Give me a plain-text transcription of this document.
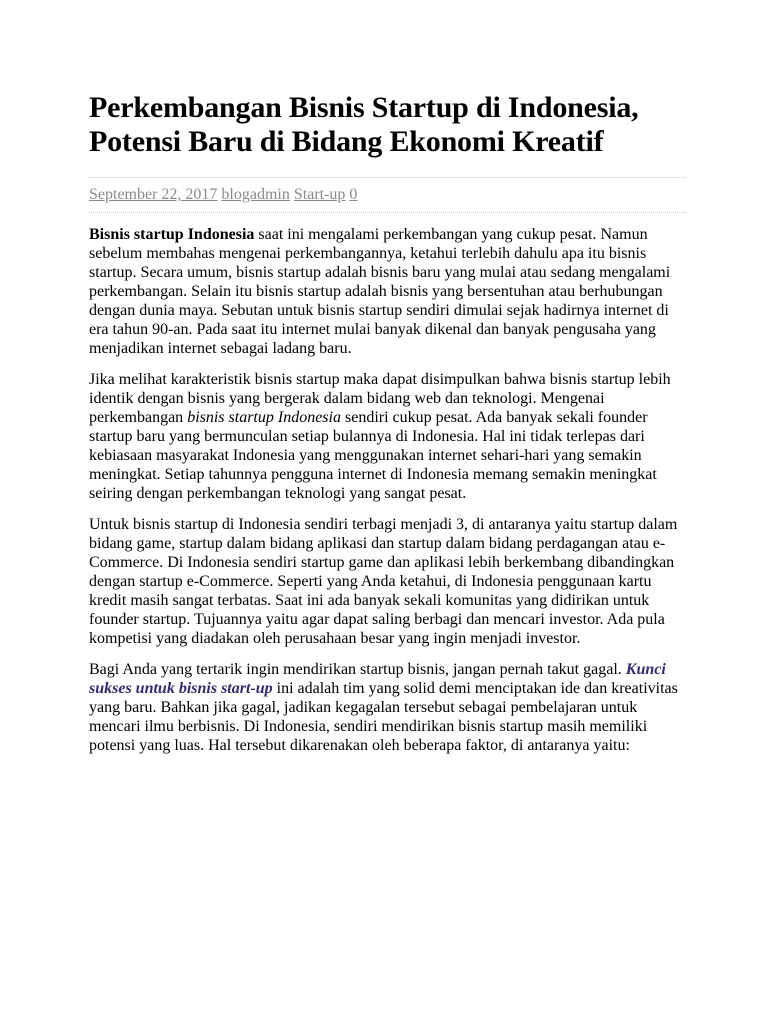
Perkembangan Bisnis Startup di Indonesia,
Potensi Baru di Bidang Ekonomi Kreatif
September 22, 2017 blogadmin Start-up 0

Bisnis startup Indonesia saat ini mengalami perkembangan yang cukup pesat. Namun sebelum membahas mengenai perkembangannya, ketahui terlebih dahulu apa itu bisnis startup. Secara umum, bisnis startup adalah bisnis baru yang mulai atau sedang mengalami perkembangan. Selain itu bisnis startup adalah bisnis yang bersentuhan atau berhubungan dengan dunia maya. Sebutan untuk bisnis startup sendiri dimulai sejak hadirnya internet di era tahun 90-an. Pada saat itu internet mulai banyak dikenal dan banyak pengusaha yang menjadikan internet sebagai ladang baru.

Jika melihat karakteristik bisnis startup maka dapat disimpulkan bahwa bisnis startup lebih identik dengan bisnis yang bergerak dalam bidang web dan teknologi. Mengenai perkembangan bisnis startup Indonesia sendiri cukup pesat. Ada banyak sekali founder startup baru yang bermunculan setiap bulannya di Indonesia. Hal ini tidak terlepas dari kebiasaan masyarakat Indonesia yang menggunakan internet sehari-hari yang semakin meningkat. Setiap tahunnya pengguna internet di Indonesia memang semakin meningkat seiring dengan perkembangan teknologi yang sangat pesat.

Untuk bisnis startup di Indonesia sendiri terbagi menjadi 3, di antaranya yaitu startup dalam bidang game, startup dalam bidang aplikasi dan startup dalam bidang perdagangan atau e-Commerce. Di Indonesia sendiri startup game dan aplikasi lebih berkembang dibandingkan dengan startup e-Commerce. Seperti yang Anda ketahui, di Indonesia penggunaan kartu kredit masih sangat terbatas. Saat ini ada banyak sekali komunitas yang didirikan untuk founder startup. Tujuannya yaitu agar dapat saling berbagi dan mencari investor. Ada pula kompetisi yang diadakan oleh perusahaan besar yang ingin menjadi investor.

Bagi Anda yang tertarik ingin mendirikan startup bisnis, jangan pernah takut gagal. Kunci sukses untuk bisnis start-up ini adalah tim yang solid demi menciptakan ide dan kreativitas yang baru. Bahkan jika gagal, jadikan kegagalan tersebut sebagai pembelajaran untuk mencari ilmu berbisnis. Di Indonesia, sendiri mendirikan bisnis startup masih memiliki potensi yang luas. Hal tersebut dikarenakan oleh beberapa faktor, di antaranya yaitu:
